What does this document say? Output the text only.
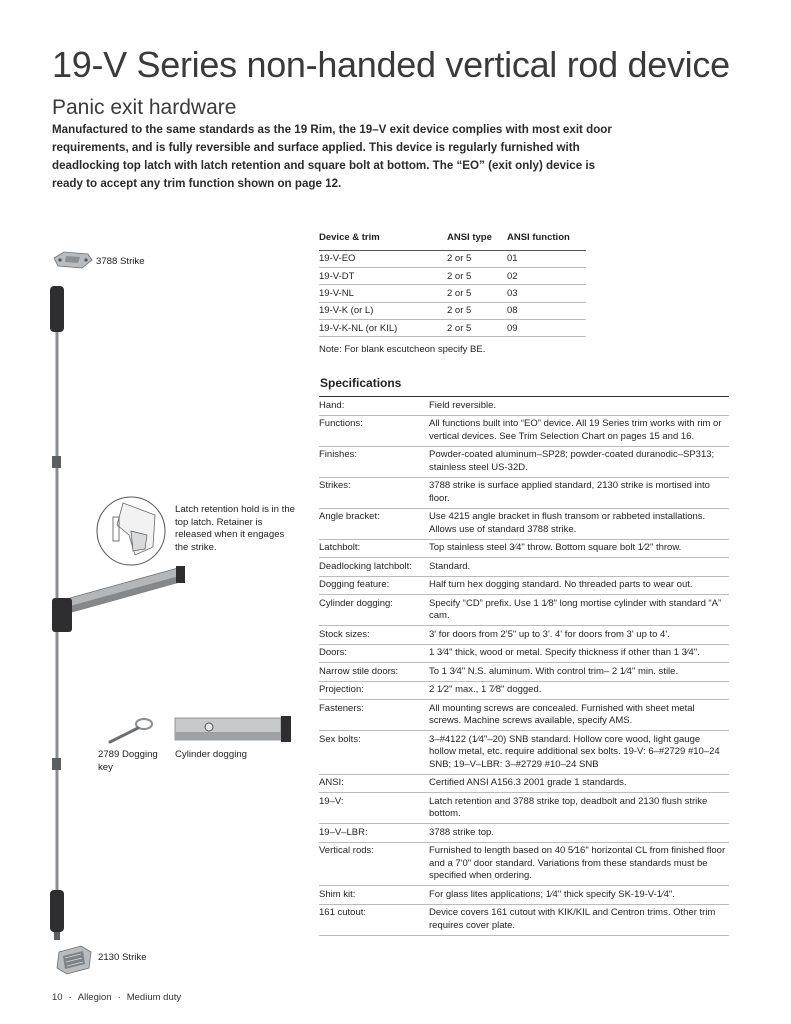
19-V Series non-handed vertical rod device
Panic exit hardware
Manufactured to the same standards as the 19 Rim, the 19–V exit device complies with most exit door requirements, and is fully reversible and surface applied. This device is regularly furnished with deadlocking top latch with latch retention and square bolt at bottom. The “EO” (exit only) device is ready to accept any trim function shown on page 12.
3788 Strike
Latch retention hold is in the top latch. Retainer is released when it engages the strike.
2789 Dogging key
Cylinder dogging
2130 Strike
Device & trim	ANSI type	ANSI function
19-V-EO	2 or 5	01
19-V-DT	2 or 5	02
19-V-NL	2 or 5	03
19-V-K (or L)	2 or 5	08
19-V-K-NL (or KIL)	2 or 5	09
Note: For blank escutcheon specify BE.
Specifications
Hand:	Field reversible.
Functions:	All functions built into “EO” device. All 19 Series trim works with rim or vertical devices. See Trim Selection Chart on pages 15 and 16.
Finishes:	Powder-coated aluminum–SP28; powder-coated duranodic–SP313; stainless steel US-32D.
Strikes:	3788 strike is surface applied standard, 2130 strike is mortised into floor.
Angle bracket:	Use 4215 angle bracket in flush transom or rabbeted installations. Allows use of standard 3788 strike.
Latchbolt:	Top stainless steel 3⁄4" throw. Bottom square bolt 1⁄2" throw.
Deadlocking latchbolt:	Standard.
Dogging feature:	Half turn hex dogging standard. No threaded parts to wear out.
Cylinder dogging:	Specify “CD” prefix. Use 1 1⁄8" long mortise cylinder with standard “A” cam.
Stock sizes:	3' for doors from 2'5" up to 3'. 4' for doors from 3' up to 4'.
Doors:	1 3⁄4" thick, wood or metal. Specify thickness if other than 1 3⁄4".
Narrow stile doors:	To 1 3⁄4" N.S. aluminum. With control trim– 2 1⁄4" min. stile.
Projection:	2 1⁄2" max., 1 7⁄8" dogged.
Fasteners:	All mounting screws are concealed. Furnished with sheet metal screws. Machine screws available, specify AMS.
Sex bolts:	3–#4122 (1⁄4"–20) SNB standard. Hollow core wood, light gauge hollow metal, etc. require additional sex bolts. 19-V: 6–#2729 #10–24 SNB; 19–V–LBR: 3–#2729 #10–24 SNB
ANSI:	Certified ANSI A156.3 2001 grade 1 standards.
19–V:	Latch retention and 3788 strike top, deadbolt and 2130 flush strike bottom.
19–V–LBR:	3788 strike top.
Vertical rods:	Furnished to length based on 40 5⁄16" horizontal CL from finished floor and a 7'0" door standard. Variations from these standards must be specified when ordering.
Shim kit:	For glass lites applications; 1⁄4" thick specify SK-19-V-1⁄4".
161 cutout:	Device covers 161 cutout with KIK/KIL and Centron trims. Other trim requires cover plate.
10 · Allegion · Medium duty
